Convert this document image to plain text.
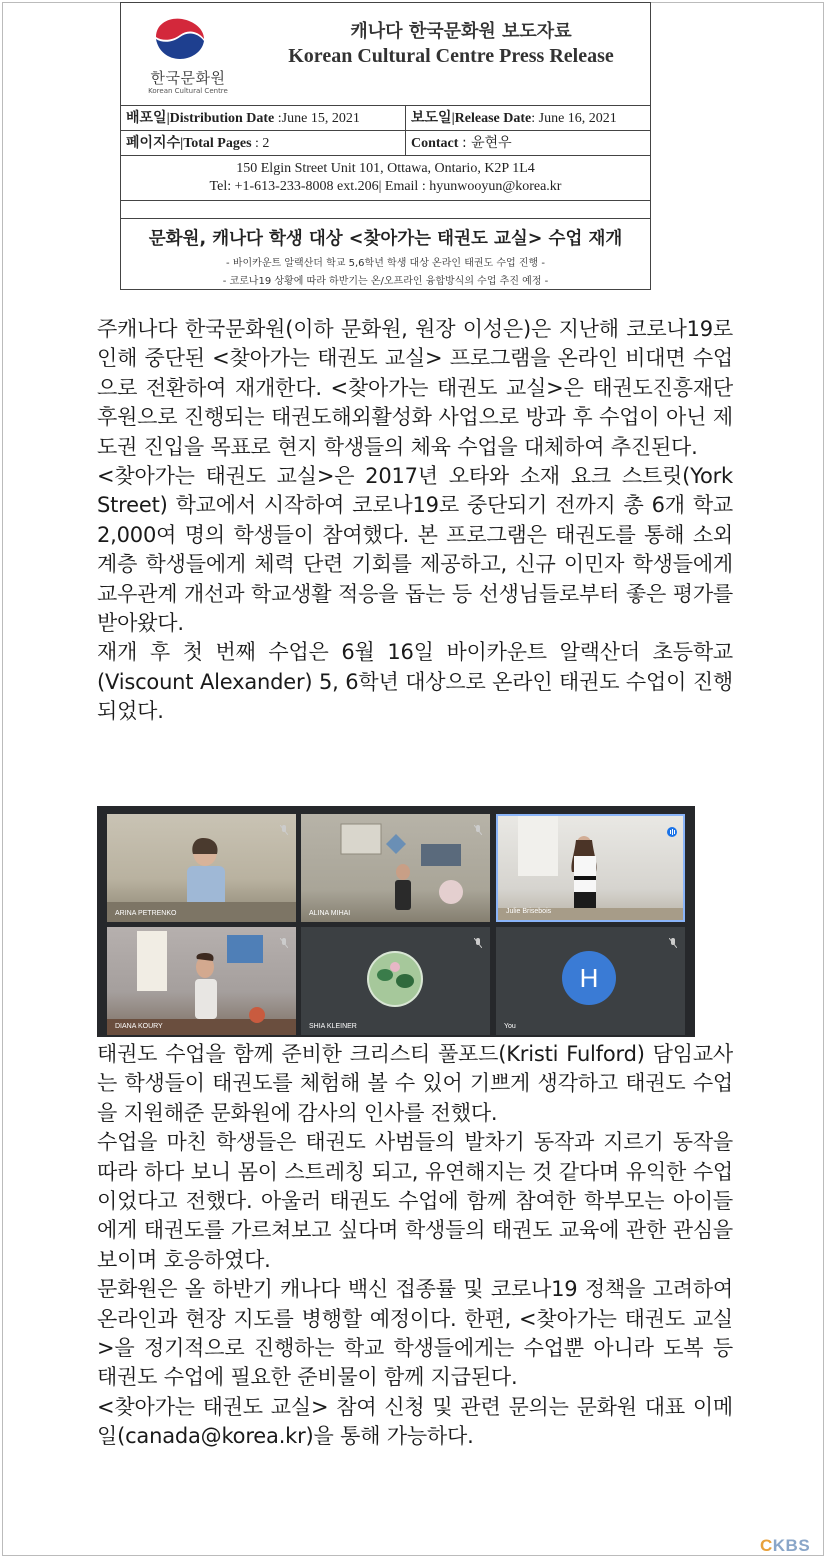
한국문화원
Korean Cultural Centre
캐나다 한국문화원 보도자료
Korean Cultural Centre Press Release
배포일|Distribution Date :June 15, 2021	보도일|Release Date: June 16, 2021
페이지수|Total Pages : 2	Contact : 윤현우
150 Elgin Street Unit 101, Ottawa, Ontario, K2P 1L4
Tel: +1-613-233-8008 ext.206| Email : hyunwooyun@korea.kr
문화원, 캐나다 학생 대상 <찾아가는 태권도 교실> 수업 재개
- 바이카운트 알랙산더 학교 5,6학년 학생 대상 온라인 태권도 수업 진행 -
- 코로나19 상황에 따라 하반기는 온/오프라인 융합방식의 수업 추진 예정 -
주캐나다 한국문화원(이하 문화원, 원장 이성은)은 지난해 코로나19로 인해 중단된 <찾아가는 태권도 교실> 프로그램을 온라인 비대면 수업으로 전환하여 재개한다. <찾아가는 태권도 교실>은 태권도진흥재단 후원으로 진행되는 태권도해외활성화 사업으로 방과 후 수업이 아닌 제도권 진입을 목표로 현지 학생들의 체육 수업을 대체하여 추진된다.
<찾아가는 태권도 교실>은 2017년 오타와 소재 요크 스트릿(York Street) 학교에서 시작하여 코로나19로 중단되기 전까지 총 6개 학교 2,000여 명의 학생들이 참여했다. 본 프로그램은 태권도를 통해 소외계층 학생들에게 체력 단련 기회를 제공하고, 신규 이민자 학생들에게 교우관계 개선과 학교생활 적응을 돕는 등 선생님들로부터 좋은 평가를 받아왔다.
재개 후 첫 번째 수업은 6월 16일 바이카운트 알랙산더 초등학교(Viscount Alexander) 5, 6학년 대상으로 온라인 태권도 수업이 진행되었다.
ARINA PETRENKO	ALINA MIHAI	Julie Brisebois
DIANA KOURY	SHIA KLEINER
H
You
태권도 수업을 함께 준비한 크리스티 풀포드(Kristi Fulford) 담임교사는 학생들이 태권도를 체험해 볼 수 있어 기쁘게 생각하고 태권도 수업을 지원해준 문화원에 감사의 인사를 전했다.
수업을 마친 학생들은 태권도 사범들의 발차기 동작과 지르기 동작을 따라 하다 보니 몸이 스트레칭 되고, 유연해지는 것 같다며 유익한 수업이었다고 전했다. 아울러 태권도 수업에 함께 참여한 학부모는 아이들에게 태권도를 가르쳐보고 싶다며 학생들의 태권도 교육에 관한 관심을 보이며 호응하였다.
문화원은 올 하반기 캐나다 백신 접종률 및 코로나19 정책을 고려하여 온라인과 현장 지도를 병행할 예정이다. 한편, <찾아가는 태권도 교실>을 정기적으로 진행하는 학교 학생들에게는 수업뿐 아니라 도복 등 태권도 수업에 필요한 준비물이 함께 지급된다.
<찾아가는 태권도 교실> 참여 신청 및 관련 문의는 문화원 대표 이메일(canada@korea.kr)을 통해 가능하다.
CKBS
